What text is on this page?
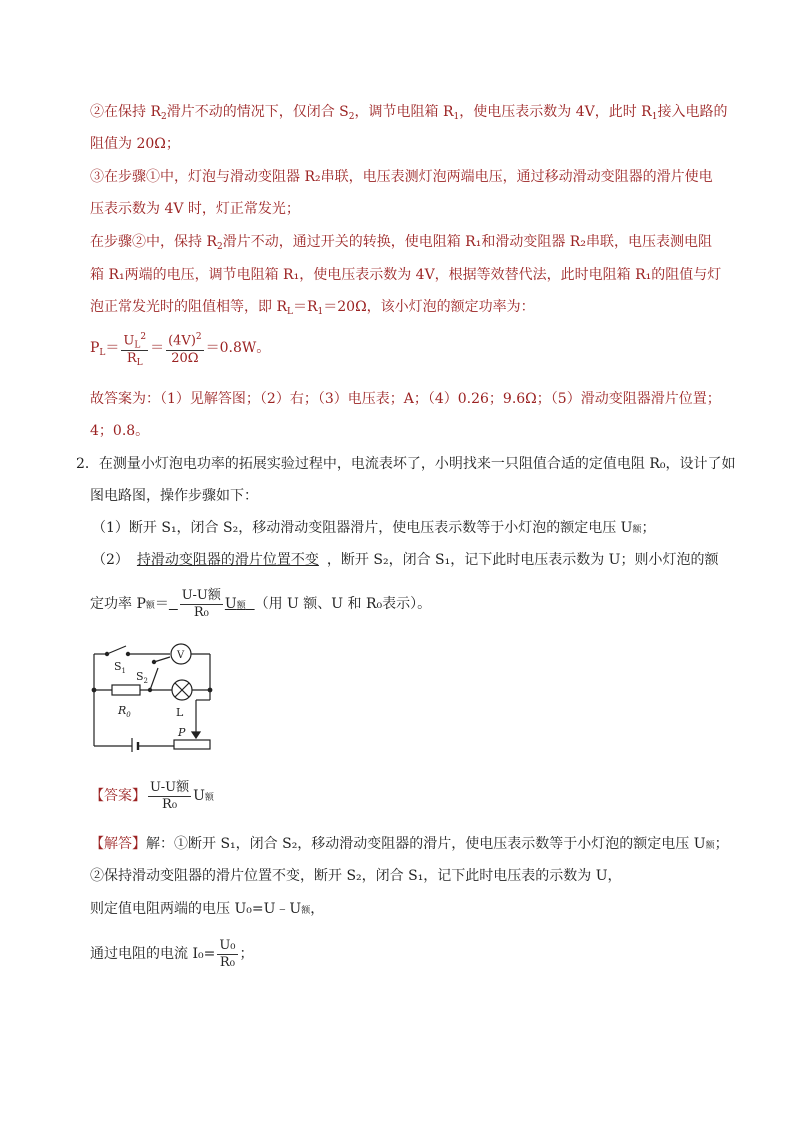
②在保持 $R_2$滑片不动的情况下，仅闭合 $S_2$，调节电阻箱 $R_1$，使电压表示数为 4V，此时 $R_1$接入电路的
阻值为 20Ω；
③在步骤①中，灯泡与滑动变阻器 R₂串联，电压表测灯泡两端电压，通过移动滑动变阻器的滑片使电
压表示数为 4V 时，灯正常发光；
在步骤②中，保持 $R_2$滑片不动，通过开关的转换，使电阻箱 R₁和滑动变阻器 R₂串联，电压表测电阻
箱 R₁两端的电压，调节电阻箱 R₁，使电压表示数为 4V，根据等效替代法，此时电阻箱 R₁的阻值与灯
泡正常发光时的阻值相等，即 $R_L=R_1=20\Omega$，该小灯泡的额定功率为：
$P_L= \frac{U_L^2}{R_L} = \frac{(4V)^2}{20\Omega} =0.8W$。
故答案为：（1）见解答图；（2）右；（3）电压表；A；（4）0.26；9.6Ω；（5）滑动变阻器滑片位置；
4；0.8。
2．在测量小灯泡电功率的拓展实验过程中，电流表坏了，小明找来一只阻值合适的定值电阻 R₀，设计了如
图电路图，操作步骤如下：
（1）断开 S₁，闭合 S₂，移动滑动变阻器滑片，使电压表示数等于小灯泡的额定电压 U额；
（2） 持滑动变阻器的滑片位置不变 ，断开 S₂，闭合 S₁，记下此时电压表示数为 U；则小灯泡的额
定功率 P额＝ $\frac{\text{U-U额}}{\text{R₀}}$ U额 （用 U 额、U 和 R₀表示）。
$S_1$ $S_2$
V
$R_0$	L
P
【答案】 $\frac{\text{U-U额}}{\text{R₀}}$ U额
【解答】解：①断开 S₁，闭合 S₂，移动滑动变阻器的滑片，使电压表示数等于小灯泡的额定电压 U额；
②保持滑动变阻器的滑片位置不变，断开 S₂，闭合 S₁，记下此时电压表的示数为 U，
则定值电阻两端的电压 U₀=U﹣U额，
通过电阻的电流 $I_0= \frac{\text{U₀}}{\text{R₀}}$ ；
